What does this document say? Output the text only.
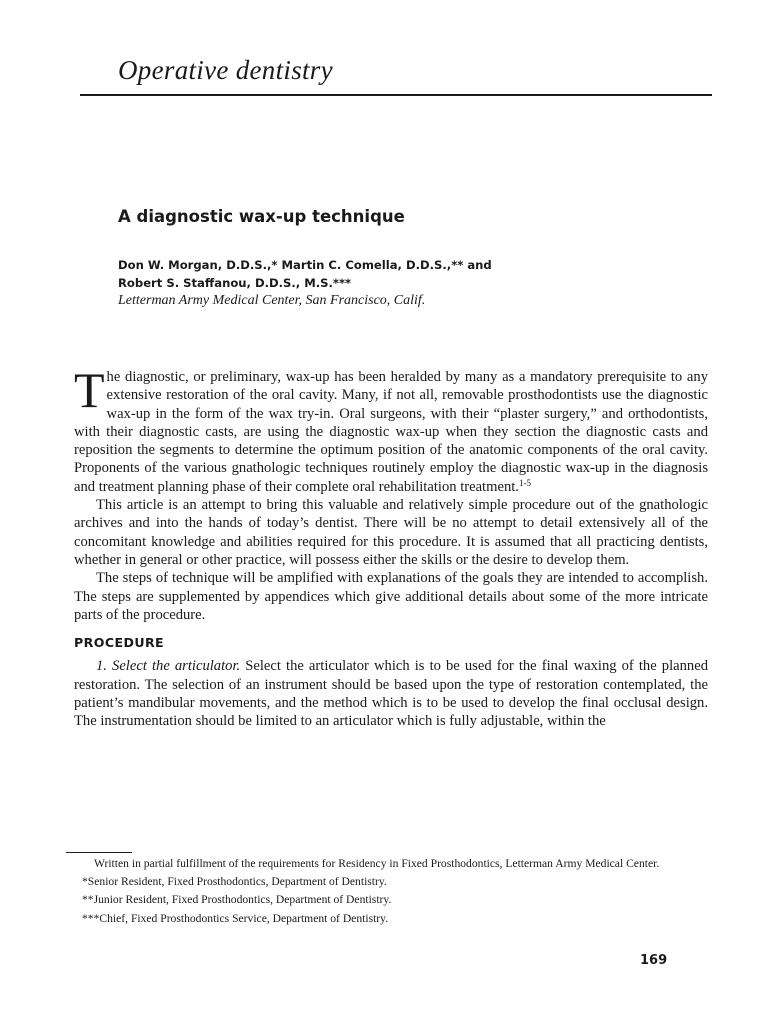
Operative dentistry
A diagnostic wax-up technique
Don W. Morgan, D.D.S.,* Martin C. Comella, D.D.S.,** and
Robert S. Staffanou, D.D.S., M.S.***
Letterman Army Medical Center, San Francisco, Calif.

The diagnostic, or preliminary, wax-up has been heralded by many as a mandatory prerequisite to any extensive restoration of the oral cavity. Many, if not all, removable prosthodontists use the diagnostic wax-up in the form of the wax try-in. Oral surgeons, with their “plaster surgery,” and orthodontists, with their diagnostic casts, are using the diagnostic wax-up when they section the diagnostic casts and reposition the segments to determine the optimum position of the anatomic components of the oral cavity. Proponents of the various gnathologic techniques routinely employ the diagnostic wax-up in the diagnosis and treatment planning phase of their complete oral rehabilitation treatment.$^{1-5}$

This article is an attempt to bring this valuable and relatively simple procedure out of the gnathologic archives and into the hands of today’s dentist. There will be no attempt to detail extensively all of the concomitant knowledge and abilities required for this procedure. It is assumed that all practicing dentists, whether in general or other practice, will possess either the skills or the desire to develop them.

The steps of technique will be amplified with explanations of the goals they are intended to accomplish. The steps are supplemented by appendices which give additional details about some of the more intricate parts of the procedure.

PROCEDURE

1. Select the articulator. Select the articulator which is to be used for the final waxing of the planned restoration. The selection of an instrument should be based upon the type of restoration contemplated, the patient’s mandibular movements, and the method which is to be used to develop the final occlusal design. The instrumentation should be limited to an articulator which is fully adjustable, within the

Written in partial fulfillment of the requirements for Residency in Fixed Prosthodontics, Letterman Army Medical Center.

*Senior Resident, Fixed Prosthodontics, Department of Dentistry.

**Junior Resident, Fixed Prosthodontics, Department of Dentistry.

***Chief, Fixed Prosthodontics Service, Department of Dentistry.

169
